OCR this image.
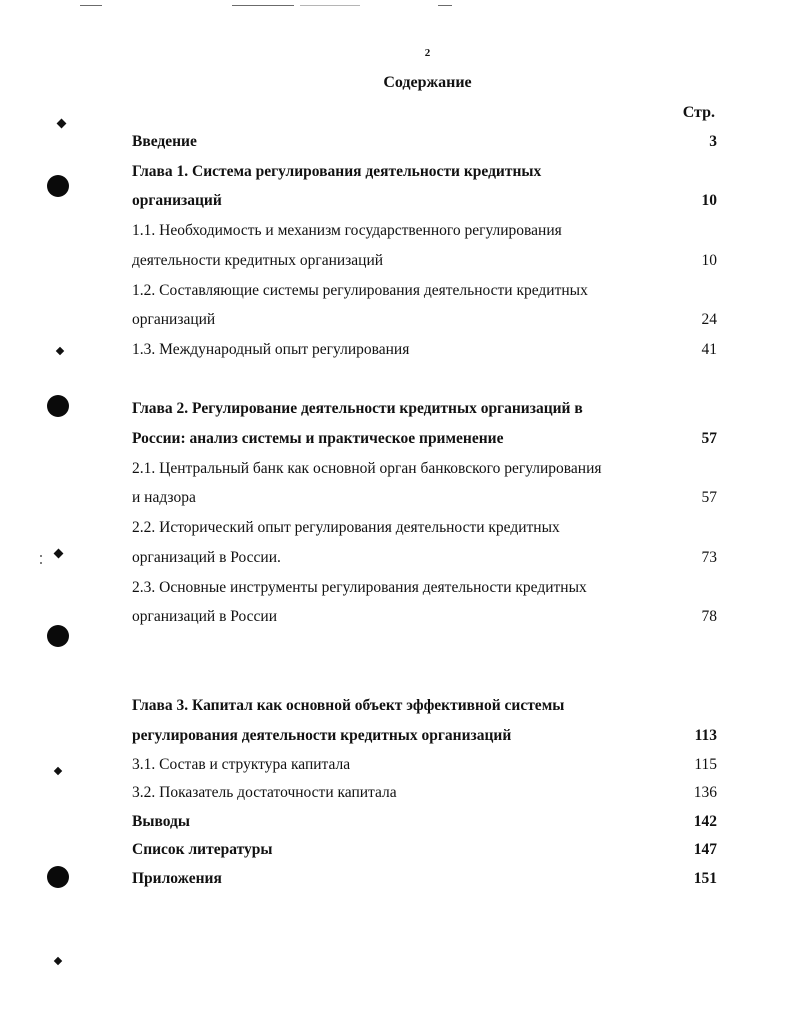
2
Содержание
Стр.
Введение	3
Глава 1. Система регулирования деятельности кредитных
организаций	10
1.1. Необходимость и механизм государственного регулирования
деятельности кредитных организаций	10
1.2. Составляющие системы регулирования деятельности кредитных
организаций	24
1.3. Международный опыт регулирования	41
Глава 2. Регулирование деятельности кредитных организаций в
России: анализ системы и практическое применение	57
2.1. Центральный банк как основной орган банковского регулирования
и надзора	57
2.2. Исторический опыт регулирования деятельности кредитных
организаций в России.	73
2.3. Основные инструменты регулирования деятельности кредитных
организаций в России	78
Глава 3. Капитал как основной объект эффективной системы
регулирования деятельности кредитных организаций	113
3.1. Состав и структура капитала	115
3.2. Показатель достаточности капитала	136
Выводы	142
Список литературы	147
Приложения	151
